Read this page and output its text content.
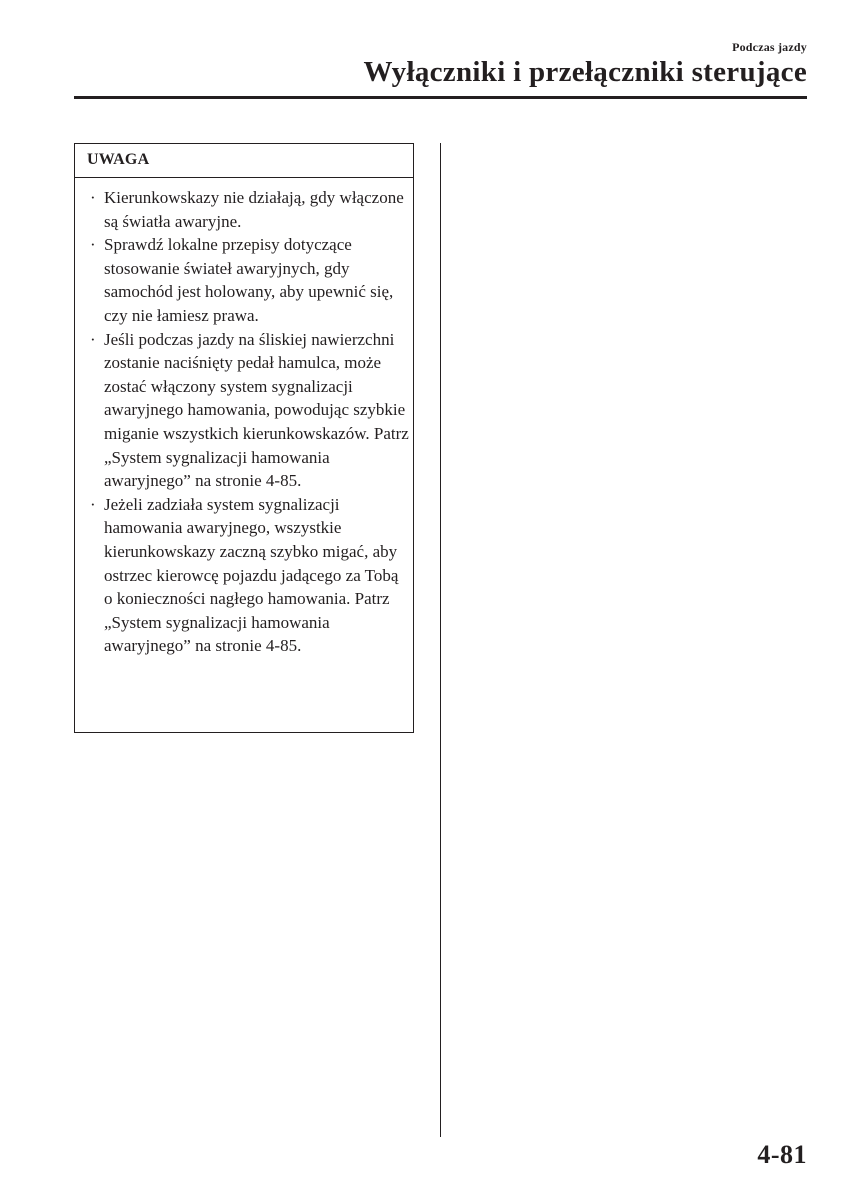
Podczas jazdy
Wyłączniki i przełączniki sterujące
UWAGA
· Kierunkowskazy nie działają, gdy włączone są światła awaryjne.
· Sprawdź lokalne przepisy dotyczące stosowanie świateł awaryjnych, gdy samochód jest holowany, aby upewnić się, czy nie łamiesz prawa.
· Jeśli podczas jazdy na śliskiej nawierzchni zostanie naciśnięty pedał hamulca, może zostać włączony system sygnalizacji awaryjnego hamowania, powodując szybkie miganie wszystkich kierunkowskazów. Patrz „System sygnalizacji hamowania awaryjnego” na stronie 4-85.
· Jeżeli zadziała system sygnalizacji hamowania awaryjnego, wszystkie kierunkowskazy zaczną szybko migać, aby ostrzec kierowcę pojazdu jadącego za Tobą o konieczności nagłego hamowania. Patrz „System sygnalizacji hamowania awaryjnego” na stronie 4-85.
4-81
